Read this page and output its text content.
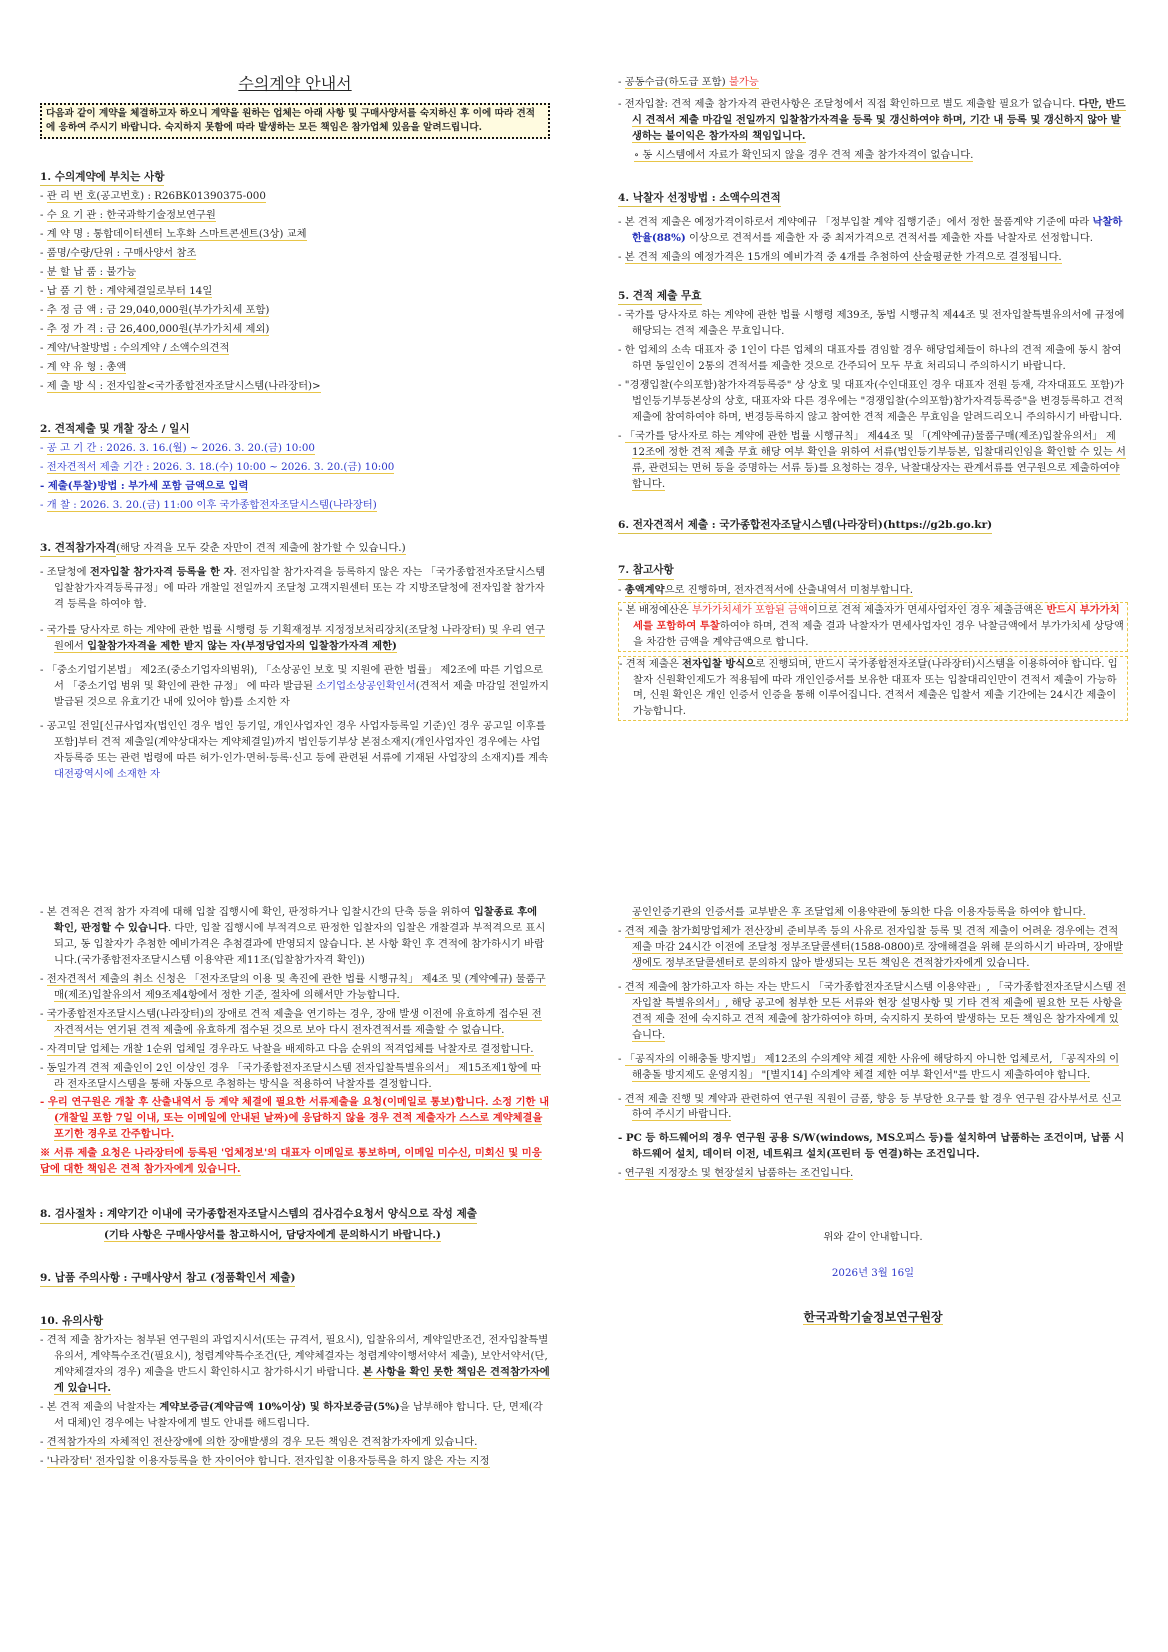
수의계약 안내서
다음과 같이 계약을 체결하고자 하오니 계약을 원하는 업체는 아래 사항 및 구매사양서를 숙지하신 후 이에 따라 견적에 응하여 주시기 바랍니다. 숙지하지 못함에 따라 발생하는 모든 책임은 참가업체 있음을 알려드립니다.
1. 수의계약에 부치는 사항
- 관 리 번 호(공고번호) : R26BK01390375-000
- 수 요 기 관 : 한국과학기술정보연구원
- 계 약 명 : 통합데이터센터 노후화 스마트콘센트(3상) 교체
- 품명/수량/단위 : 구매사양서 참조
- 분 할 납 품 : 불가능
- 납 품 기 한 : 계약체결일로부터 14일
- 추 정 금 액 : 금 29,040,000원(부가가치세 포함)
- 추 정 가 격 : 금 26,400,000원(부가가치세 제외)
- 계약/낙찰방법 : 수의계약 / 소액수의견적
- 계 약 유 형 : 총액
- 제 출 방 식 : 전자입찰<국가종합전자조달시스템(나라장터)>
2. 견적제출 및 개찰 장소 / 일시
- 공 고 기 간 : 2026. 3. 16.(월) ~ 2026. 3. 20.(금) 10:00
- 전자견적서 제출 기간 : 2026. 3. 18.(수) 10:00 ~ 2026. 3. 20.(금) 10:00
- 제출(투찰)방법 : 부가세 포함 금액으로 입력
- 개 찰 : 2026. 3. 20.(금) 11:00 이후 국가종합전자조달시스템(나라장터)
3. 견적참가자격(해당 자격을 모두 갖춘 자만이 견적 제출에 참가할 수 있습니다.)
- 조달청에 전자입찰 참가자격 등록을 한 자. 전자입찰 참가자격을 등록하지 않은 자는 「국가종합전자조달시스템 입찰참가자격등록규정」에 따라 개찰일 전일까지 조달청 고객지원센터 또는 각 지방조달청에 전자입찰 참가자격 등록을 하여야 함.
- 국가를 당사자로 하는 계약에 관한 법률 시행령 등 기획재정부 지정정보처리장치(조달청 나라장터) 및 우리 연구원에서 입찰참가자격을 제한 받지 않는 자(부정당업자의 입찰참가자격 제한)
- 「중소기업기본법」 제2조(중소기업자의범위), 「소상공인 보호 및 지원에 관한 법률」 제2조에 따른 기업으로서 「중소기업 범위 및 확인에 관한 규정」 에 따라 발급된 소기업소상공인확인서(견적서 제출 마감일 전일까지 발급된 것으로 유효기간 내에 있어야 함)를 소지한 자
- 공고일 전일[신규사업자(법인인 경우 법인 등기일, 개인사업자인 경우 사업자등록일 기준)인 경우 공고일 이후를 포함]부터 견적 제출일(계약상대자는 계약체결일)까지 법인등기부상 본점소재지(개인사업자인 경우에는 사업자등록증 또는 관련 법령에 따른 허가·인가·면허·등록·신고 등에 관련된 서류에 기재된 사업장의 소재지)를 계속 대전광역시에 소재한 자
- 공동수급(하도급 포함) 불가능
- 전자입찰: 견적 제출 참가자격 관련사항은 조달청에서 직접 확인하므로 별도 제출할 필요가 없습니다. 다만, 반드시 견적서 제출 마감일 전일까지 입찰참가자격을 등록 및 갱신하여야 하며, 기간 내 등록 및 갱신하지 않아 발생하는 불이익은 참가자의 책임입니다.
∘ 동 시스템에서 자료가 확인되지 않을 경우 견적 제출 참가자격이 없습니다.
4. 낙찰자 선정방법 : 소액수의견적
- 본 견적 제출은 예정가격이하로서 계약예규 「정부입찰 계약 집행기준」에서 정한 물품계약 기준에 따라 낙찰하한율(88%) 이상으로 견적서를 제출한 자 중 최저가격으로 견적서를 제출한 자를 낙찰자로 선정합니다.
- 본 견적 제출의 예정가격은 15개의 예비가격 중 4개를 추첨하여 산술평균한 가격으로 결정됩니다.
5. 견적 제출 무효
- 국가를 당사자로 하는 계약에 관한 법률 시행령 제39조, 동법 시행규칙 제44조 및 전자입찰특별유의서에 규정에 해당되는 견적 제출은 무효입니다.
- 한 업체의 소속 대표자 중 1인이 다른 업체의 대표자를 겸임할 경우 해당업체들이 하나의 견적 제출에 동시 참여하면 동일인이 2통의 견적서를 제출한 것으로 간주되어 모두 무효 처리되니 주의하시기 바랍니다.
- "경쟁입찰(수의포함)참가자격등록증" 상 상호 및 대표자(수인대표인 경우 대표자 전원 등재, 각자대표도 포함)가 법인등기부등본상의 상호, 대표자와 다른 경우에는 "경쟁입찰(수의포함)참가자격등록증"을 변경등록하고 견적 제출에 참여하여야 하며, 변경등록하지 않고 참여한 견적 제출은 무효임을 알려드리오니 주의하시기 바랍니다.
- 「국가를 당사자로 하는 계약에 관한 법률 시행규칙」 제44조 및 「(계약예규)물품구매(제조)입찰유의서」 제12조에 정한 견적 제출 무효 해당 여부 확인을 위하여 서류(법인등기부등본, 입찰대리인임을 확인할 수 있는 서류, 관련되는 면허 등을 증명하는 서류 등)를 요청하는 경우, 낙찰대상자는 관계서류를 연구원으로 제출하여야 합니다.
6. 전자견적서 제출 : 국가종합전자조달시스템(나라장터)(https://g2b.go.kr)
7. 참고사항
- 총액계약으로 진행하며, 전자견적서에 산출내역서 미첨부합니다.
- 본 배정예산은 부가가치세가 포함된 금액이므로 견적 제출자가 면세사업자인 경우 제출금액은 반드시 부가가치세를 포함하여 투찰하여야 하며, 견적 제출 결과 낙찰자가 면세사업자인 경우 낙찰금액에서 부가가치세 상당액을 차감한 금액을 계약금액으로 합니다.
- 견적 제출은 전자입찰 방식으로 진행되며, 반드시 국가종합전자조달(나라장터)시스템을 이용하여야 합니다. 입찰자 신원확인제도가 적용됨에 따라 개인인증서를 보유한 대표자 또는 입찰대리인만이 견적서 제출이 가능하며, 신원 확인은 개인 인증서 인증을 통해 이루어집니다. 견적서 제출은 입찰서 제출 기간에는 24시간 제출이 가능합니다.
- 본 견적은 견적 참가 자격에 대해 입찰 집행시에 확인, 판정하거나 입찰시간의 단축 등을 위하여 입찰종료 후에 확인, 판정할 수 있습니다. 다만, 입찰 집행시에 부적격으로 판정한 입찰자의 입찰은 개찰결과 부적격으로 표시되고, 동 입찰자가 추첨한 예비가격은 추첨결과에 반영되지 않습니다. 본 사항 확인 후 견적에 참가하시기 바랍니다.(국가종합전자조달시스템 이용약관 제11조(입찰참가자격 확인))
- 전자견적서 제출의 취소 신청은 「전자조달의 이용 및 촉진에 관한 법률 시행규칙」 제4조 및 (계약예규) 물품구매(제조)입찰유의서 제9조제4항에서 정한 기준, 절차에 의해서만 가능합니다.
- 국가종합전자조달시스템(나라장터)의 장애로 견적 제출을 연기하는 경우, 장애 발생 이전에 유효하게 접수된 전자견적서는 연기된 견적 제출에 유효하게 접수된 것으로 보아 다시 전자견적서를 제출할 수 없습니다.
- 자격미달 업체는 개찰 1순위 업체일 경우라도 낙찰을 배제하고 다음 순위의 적격업체를 낙찰자로 결정합니다.
- 동일가격 견적 제출인이 2인 이상인 경우 「국가종합전자조달시스템 전자입찰특별유의서」 제15조제1항에 따라 전자조달시스템을 통해 자동으로 추첨하는 방식을 적용하여 낙찰자를 결정합니다.
- 우리 연구원은 개찰 후 산출내역서 등 계약 체결에 필요한 서류제출을 요청(이메일로 통보)합니다. 소정 기한 내(개찰일 포함 7일 이내, 또는 이메일에 안내된 날짜)에 응답하지 않을 경우 견적 제출자가 스스로 계약체결을 포기한 경우로 간주합니다.
※ 서류 제출 요청은 나라장터에 등록된 '업체정보'의 대표자 이메일로 통보하며, 이메일 미수신, 미회신 및 미응답에 대한 책임은 견적 참가자에게 있습니다.
8. 검사절차 : 계약기간 이내에 국가종합전자조달시스템의 검사검수요청서 양식으로 작성 제출
(기타 사항은 구매사양서를 참고하시어, 담당자에게 문의하시기 바랍니다.)
9. 납품 주의사항 : 구매사양서 참고 (정품확인서 제출)
10. 유의사항
- 견적 제출 참가자는 첨부된 연구원의 과업지시서(또는 규격서, 필요시), 입찰유의서, 계약일반조건, 전자입찰특별유의서, 계약특수조건(필요시), 청렴계약특수조건(단, 계약체결자는 청렴계약이행서약서 제출), 보안서약서(단, 계약체결자의 경우) 제출을 반드시 확인하시고 참가하시기 바랍니다. 본 사항을 확인 못한 책임은 견적참가자에게 있습니다.
- 본 견적 제출의 낙찰자는 계약보증금(계약금액 10%이상) 및 하자보증금(5%)을 납부해야 합니다. 단, 면제(각서 대체)인 경우에는 낙찰자에게 별도 안내를 해드립니다.
- 견적참가자의 자체적인 전산장애에 의한 장애발생의 경우 모든 책임은 견적참가자에게 있습니다.
- '나라장터' 전자입찰 이용자등록을 한 자이어야 합니다. 전자입찰 이용자등록을 하지 않은 자는 지정
공인인증기관의 인증서를 교부받은 후 조달업체 이용약관에 동의한 다음 이용자등록을 하여야 합니다.
- 견적 제출 참가희망업체가 전산장비 준비부족 등의 사유로 전자입찰 등록 및 견적 제출이 어려운 경우에는 견적 제출 마감 24시간 이전에 조달청 정부조달콜센터(1588-0800)로 장애해결을 위해 문의하시기 바라며, 장애발생에도 정부조달콜센터로 문의하지 않아 발생되는 모든 책임은 견적참가자에게 있습니다.
- 견적 제출에 참가하고자 하는 자는 반드시 「국가종합전자조달시스템 이용약관」, 「국가종합전자조달시스템 전자입찰 특별유의서」, 해당 공고에 첨부한 모든 서류와 현장 설명사항 및 기타 견적 제출에 필요한 모든 사항을 견적 제출 전에 숙지하고 견적 제출에 참가하여야 하며, 숙지하지 못하여 발생하는 모든 책임은 참가자에게 있습니다.
- 「공직자의 이해충돌 방지법」 제12조의 수의계약 체결 제한 사유에 해당하지 아니한 업체로서, 「공직자의 이해충돌 방지제도 운영지침」 "[별지14] 수의계약 체결 제한 여부 확인서"를 반드시 제출하여야 합니다.
- 견적 제출 진행 및 계약과 관련하여 연구원 직원이 금품, 향응 등 부당한 요구를 할 경우 연구원 감사부서로 신고하여 주시기 바랍니다.
- PC 등 하드웨어의 경우 연구원 공용 S/W(windows, MS오피스 등)를 설치하여 납품하는 조건이며, 납품 시 하드웨어 설치, 데이터 이전, 네트워크 설치(프린터 등 연결)하는 조건입니다.
- 연구원 지정장소 및 현장설치 납품하는 조건입니다.
위와 같이 안내합니다.
2026년 3월 16일
한국과학기술정보연구원장
